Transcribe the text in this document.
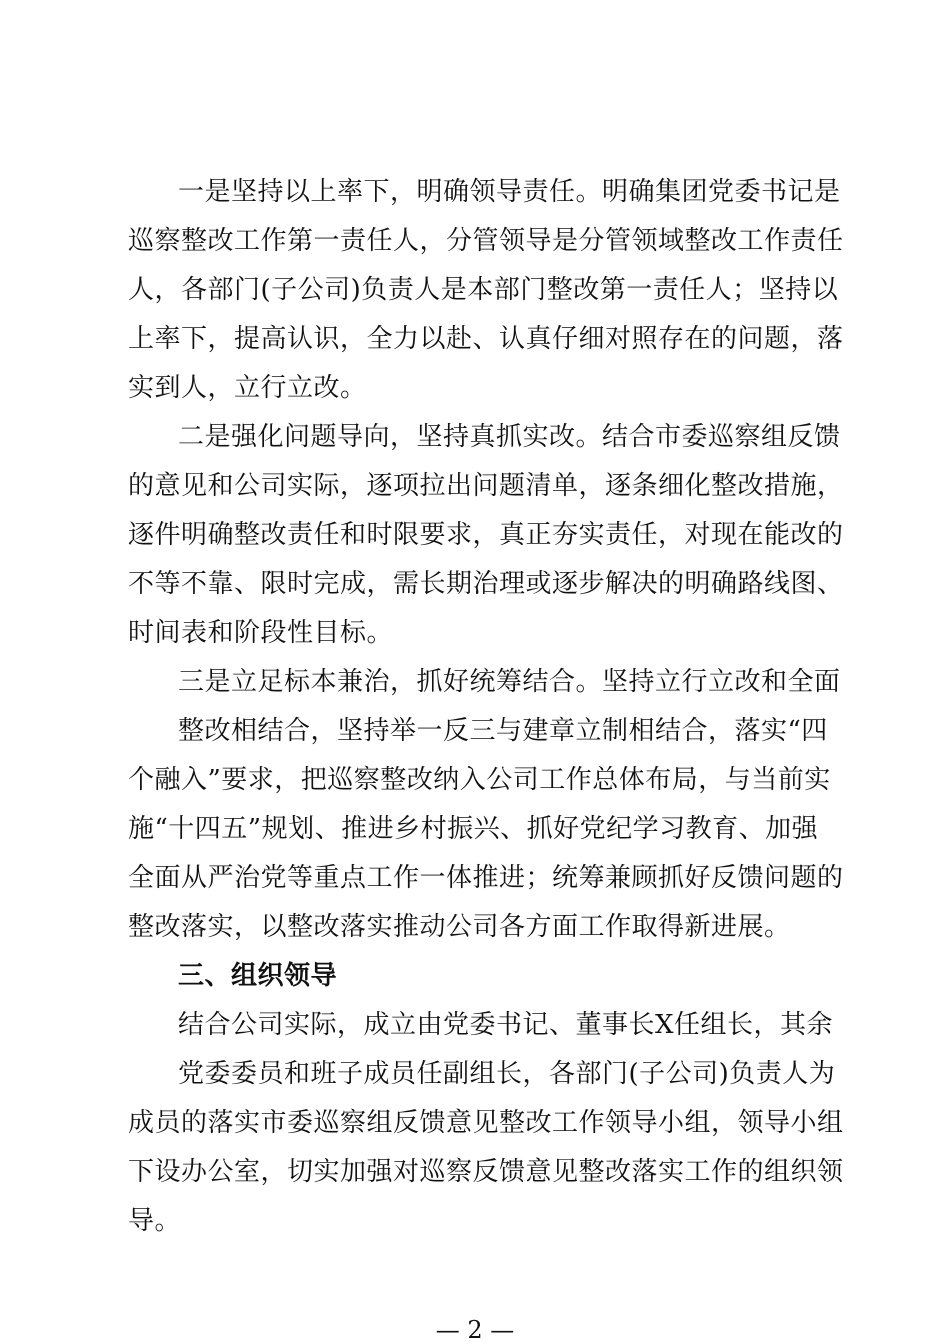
一是坚持以上率下，明确领导责任。明确集团党委书记是
巡察整改工作第一责任人，分管领导是分管领域整改工作责任
人，各部门(子公司)负责人是本部门整改第一责任人；坚持以
上率下，提高认识，全力以赴、认真仔细对照存在的问题，落
实到人，立行立改。
二是强化问题导向，坚持真抓实改。结合市委巡察组反馈
的意见和公司实际，逐项拉出问题清单，逐条细化整改措施，
逐件明确整改责任和时限要求，真正夯实责任，对现在能改的
不等不靠、限时完成，需长期治理或逐步解决的明确路线图、
时间表和阶段性目标。
三是立足标本兼治，抓好统筹结合。坚持立行立改和全面
整改相结合，坚持举一反三与建章立制相结合，落实“四
个融入”要求，把巡察整改纳入公司工作总体布局，与当前实
施“十四五”规划、推进乡村振兴、抓好党纪学习教育、加强
全面从严治党等重点工作一体推进；统筹兼顾抓好反馈问题的
整改落实，以整改落实推动公司各方面工作取得新进展。
三、组织领导
结合公司实际，成立由党委书记、董事长X任组长，其余
党委委员和班子成员任副组长，各部门(子公司)负责人为
— 2 —
成员的落实市委巡察组反馈意见整改工作领导小组，领导小组
下设办公室，切实加强对巡察反馈意见整改落实工作的组织领
导。
